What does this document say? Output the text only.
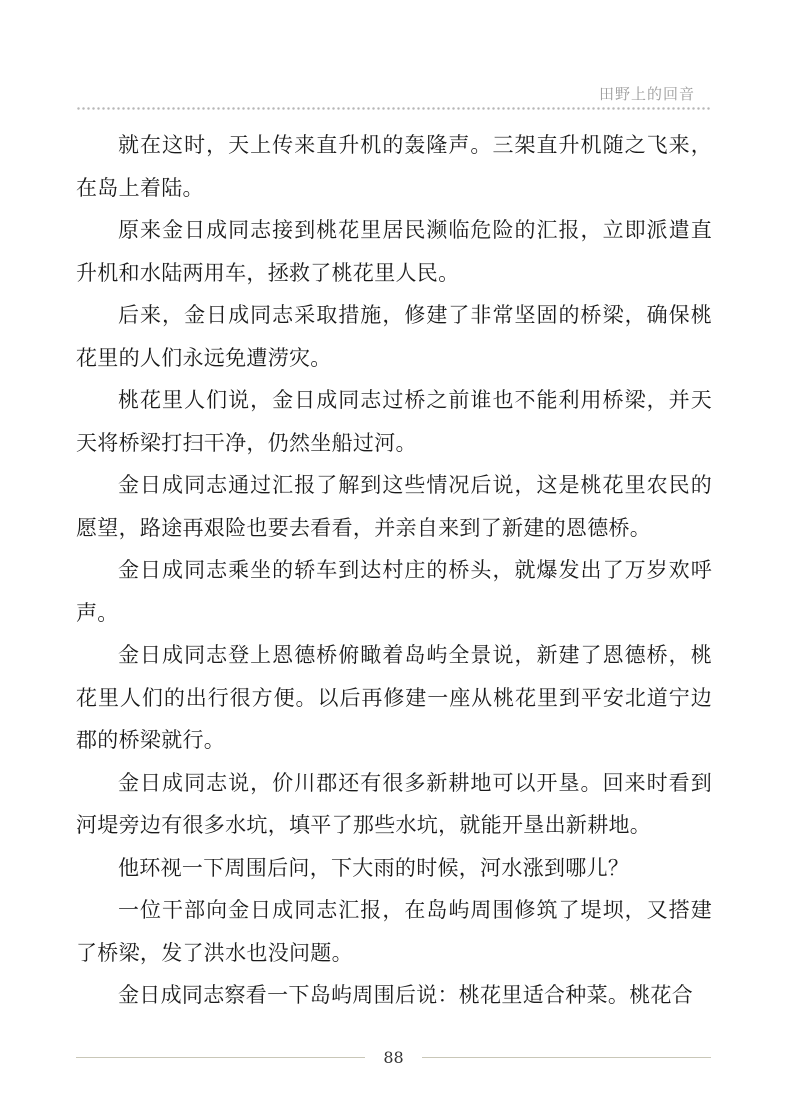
田野上的回音

就在这时，天上传来直升机的轰隆声。三架直升机随之飞来，在岛上着陆。

原来金日成同志接到桃花里居民濒临危险的汇报，立即派遣直升机和水陆两用车，拯救了桃花里人民。

后来，金日成同志采取措施，修建了非常坚固的桥梁，确保桃花里的人们永远免遭涝灾。

桃花里人们说，金日成同志过桥之前谁也不能利用桥梁，并天天将桥梁打扫干净，仍然坐船过河。

金日成同志通过汇报了解到这些情况后说，这是桃花里农民的愿望，路途再艰险也要去看看，并亲自来到了新建的恩德桥。

金日成同志乘坐的轿车到达村庄的桥头，就爆发出了万岁欢呼声。

金日成同志登上恩德桥俯瞰着岛屿全景说，新建了恩德桥，桃花里人们的出行很方便。以后再修建一座从桃花里到平安北道宁边郡的桥梁就行。

金日成同志说，价川郡还有很多新耕地可以开垦。回来时看到河堤旁边有很多水坑，填平了那些水坑，就能开垦出新耕地。

他环视一下周围后问，下大雨的时候，河水涨到哪儿？

一位干部向金日成同志汇报，在岛屿周围修筑了堤坝，又搭建了桥梁，发了洪水也没问题。

金日成同志察看一下岛屿周围后说：桃花里适合种菜。桃花合

88
